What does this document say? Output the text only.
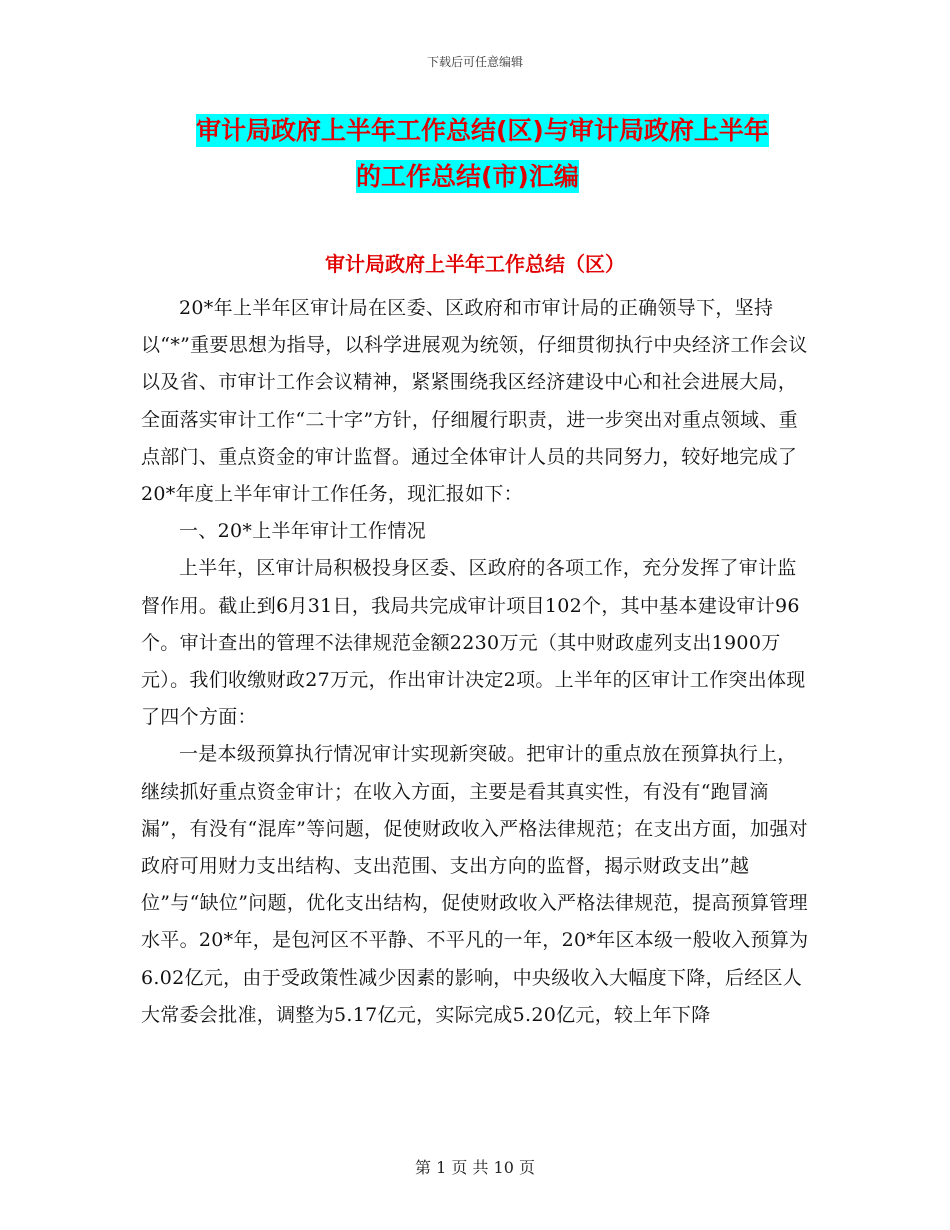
下载后可任意编辑
审计局政府上半年工作总结(区)与审计局政府上半年
的工作总结(市)汇编
审计局政府上半年工作总结（区）

20*年上半年区审计局在区委、区政府和市审计局的正确领导下，坚持以“*”重要思想为指导，以科学进展观为统领，仔细贯彻执行中央经济工作会议以及省、市审计工作会议精神，紧紧围绕我区经济建设中心和社会进展大局，全面落实审计工作“二十字”方针，仔细履行职责，进一步突出对重点领域、重点部门、重点资金的审计监督。通过全体审计人员的共同努力，较好地完成了20*年度上半年审计工作任务，现汇报如下：

一、20*上半年审计工作情况

上半年，区审计局积极投身区委、区政府的各项工作，充分发挥了审计监督作用。截止到6月31日，我局共完成审计项目102个，其中基本建设审计96个。审计查出的管理不法律规范金额2230万元（其中财政虚列支出1900万元）。我们收缴财政27万元，作出审计决定2项。上半年的区审计工作突出体现了四个方面：

一是本级预算执行情况审计实现新突破。把审计的重点放在预算执行上，继续抓好重点资金审计；在收入方面，主要是看其真实性，有没有“跑冒滴漏”，有没有“混库”等问题，促使财政收入严格法律规范；在支出方面，加强对政府可用财力支出结构、支出范围、支出方向的监督，揭示财政支出”越位”与“缺位”问题，优化支出结构，促使财政收入严格法律规范，提高预算管理水平。20*年，是包河区不平静、不平凡的一年，20*年区本级一般收入预算为6.02亿元，由于受政策性减少因素的影响，中央级收入大幅度下降，后经区人大常委会批准，调整为5.17亿元，实际完成5.20亿元，较上年下降

第 1 页 共 10 页
